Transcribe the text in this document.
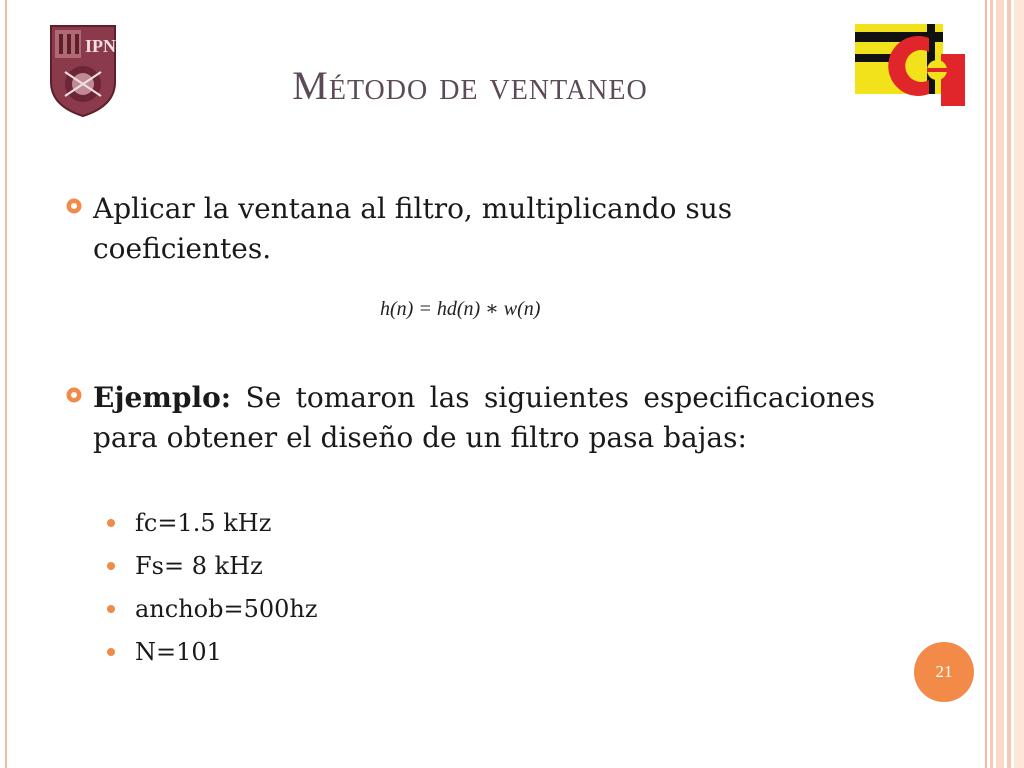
IPN
Método de ventaneo
Aplicar la ventana al filtro, multiplicando sus coeficientes.
h(n) = hd(n) ∗ w(n)
Ejemplo: Se tomaron las siguientes especificaciones para obtener el diseño de un filtro pasa bajas:
fc=1.5 kHz
Fs= 8 kHz
anchob=500hz
N=101
21
